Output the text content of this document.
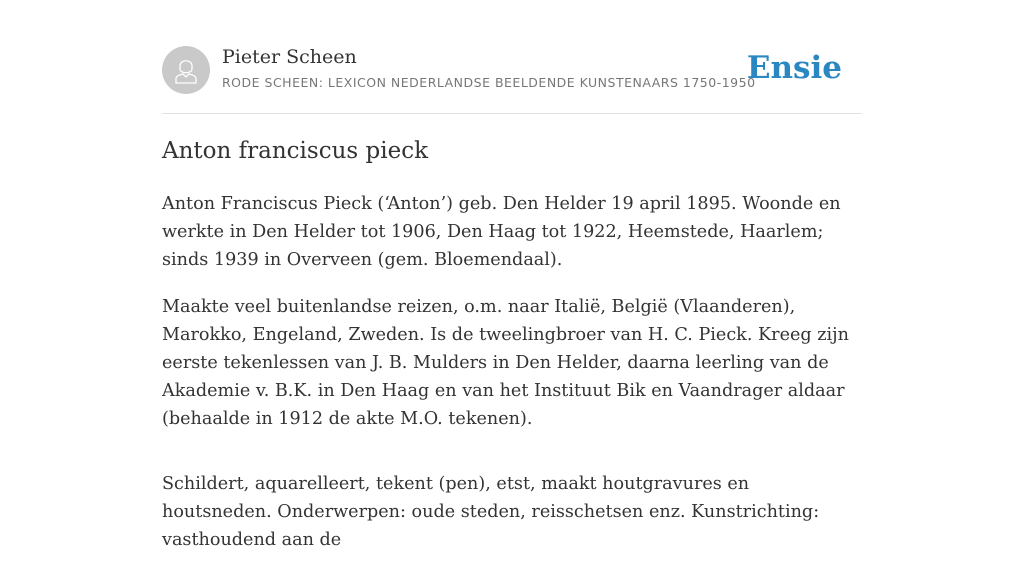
Pieter Scheen
RODE SCHEEN: LEXICON NEDERLANDSE BEELDENDE KUNSTENAARS 1750-1950
Ensie
Anton franciscus pieck

Anton Franciscus Pieck (‘Anton’) geb. Den Helder 19 april 1895. Woonde en werkte in Den Helder tot 1906, Den Haag tot 1922, Heemstede, Haarlem; sinds 1939 in Overveen (gem. Bloemendaal).

Maakte veel buitenlandse reizen, o.m. naar Italië, België (Vlaanderen), Marokko, Engeland, Zweden. Is de tweelingbroer van H. C. Pieck. Kreeg zijn eerste tekenlessen van J. B. Mulders in Den Helder, daarna leerling van de Akademie v. B.K. in Den Haag en van het Instituut Bik en Vaandrager aldaar (behaalde in 1912 de akte M.O. tekenen).

Schildert, aquarelleert, tekent (pen), etst, maakt houtgravures en houtsneden. Onderwerpen: oude steden, reisschetsen enz. Kunstrichting: vasthoudend aan de
